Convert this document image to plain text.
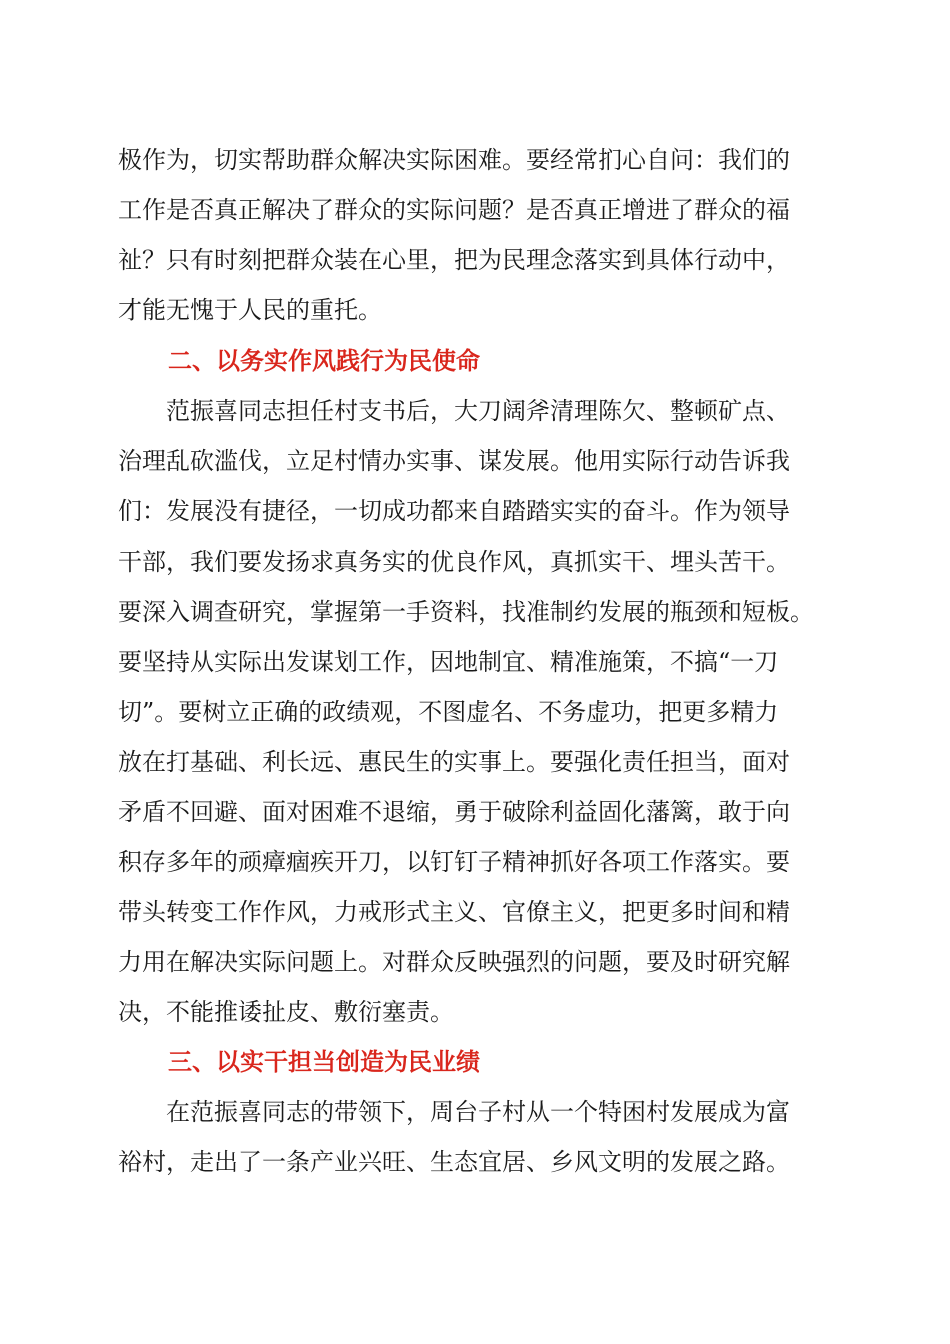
极作为，切实帮助群众解决实际困难。要经常扪心自问：我们的
工作是否真正解决了群众的实际问题？是否真正增进了群众的福
祉？只有时刻把群众装在心里，把为民理念落实到具体行动中，
才能无愧于人民的重托。
二、以务实作风践行为民使命
　　范振喜同志担任村支书后，大刀阔斧清理陈欠、整顿矿点、
治理乱砍滥伐，立足村情办实事、谋发展。他用实际行动告诉我
们：发展没有捷径，一切成功都来自踏踏实实的奋斗。作为领导
干部，我们要发扬求真务实的优良作风，真抓实干、埋头苦干。
要深入调查研究，掌握第一手资料，找准制约发展的瓶颈和短板。
要坚持从实际出发谋划工作，因地制宜、精准施策，不搞“一刀
切”。要树立正确的政绩观，不图虚名、不务虚功，把更多精力
放在打基础、利长远、惠民生的实事上。要强化责任担当，面对
矛盾不回避、面对困难不退缩，勇于破除利益固化藩篱，敢于向
积存多年的顽瘴痼疾开刀，以钉钉子精神抓好各项工作落实。要
带头转变工作作风，力戒形式主义、官僚主义，把更多时间和精
力用在解决实际问题上。对群众反映强烈的问题，要及时研究解
决，不能推诿扯皮、敷衍塞责。
三、以实干担当创造为民业绩
　　在范振喜同志的带领下，周台子村从一个特困村发展成为富
裕村，走出了一条产业兴旺、生态宜居、乡风文明的发展之路。
